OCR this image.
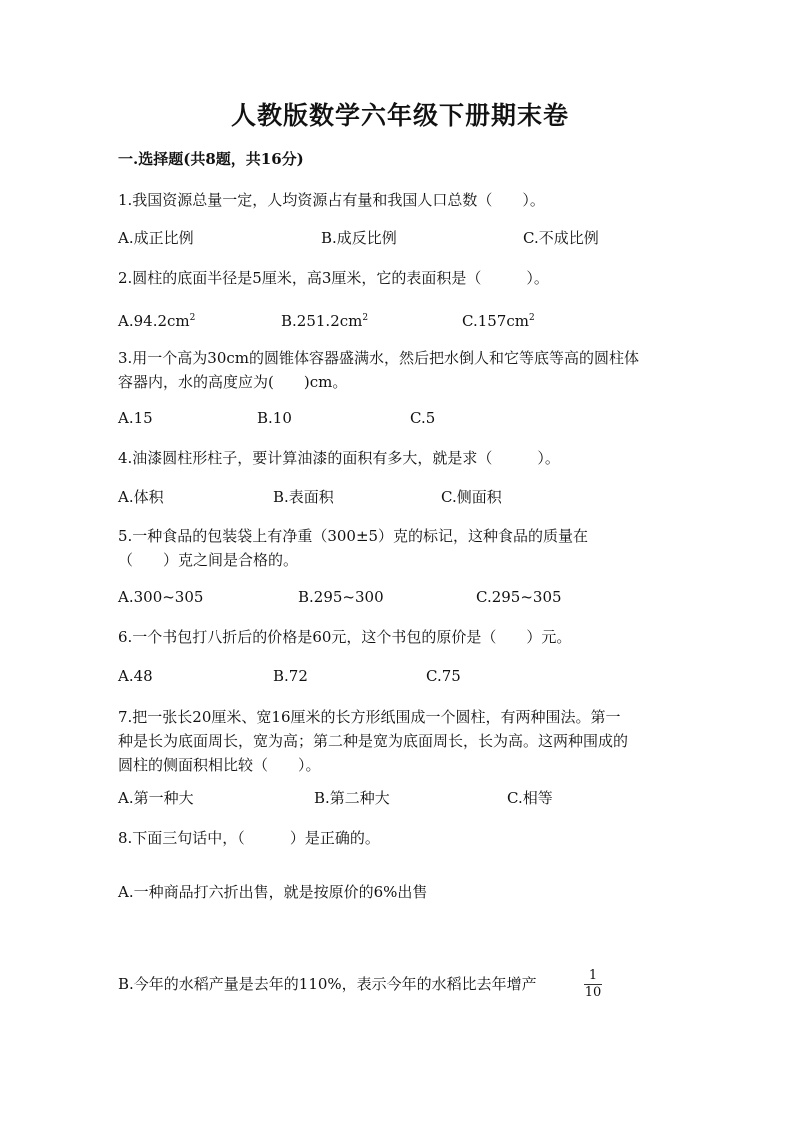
人教版数学六年级下册期末卷
一.选择题(共8题，共16分)
1.我国资源总量一定，人均资源占有量和我国人口总数（　　）。
A.成正比例	B.成反比例	C.不成比例
2.圆柱的底面半径是5厘米，高3厘米，它的表面积是（　　　）。
$A.94.2cm^2$	$B.251.2cm^2$	$C.157cm^2$
3.用一个高为30cm的圆锥体容器盛满水，然后把水倒人和它等底等高的圆柱体
容器内，水的高度应为(　　)cm。
A.15	B.10	C.5
4.油漆圆柱形柱子，要计算油漆的面积有多大，就是求（　　　）。
A.体积	B.表面积	C.侧面积
5.一种食品的包装袋上有净重（300±5）克的标记，这种食品的质量在
（　　）克之间是合格的。
A.300~305	B.295~300	C.295~305
6.一个书包打八折后的价格是60元，这个书包的原价是（　　）元。
A.48	B.72	C.75
7.把一张长20厘米、宽16厘米的长方形纸围成一个圆柱，有两种围法。第一
种是长为底面周长，宽为高；第二种是宽为底面周长，长为高。这两种围成的
圆柱的侧面积相比较（　　）。
A.第一种大	B.第二种大	C.相等
8.下面三句话中，（　　　）是正确的。
A.一种商品打六折出售，就是按原价的6%出售
B.今年的水稻产量是去年的110%，表示今年的水稻比去年增产	$\frac{1}{10}$
